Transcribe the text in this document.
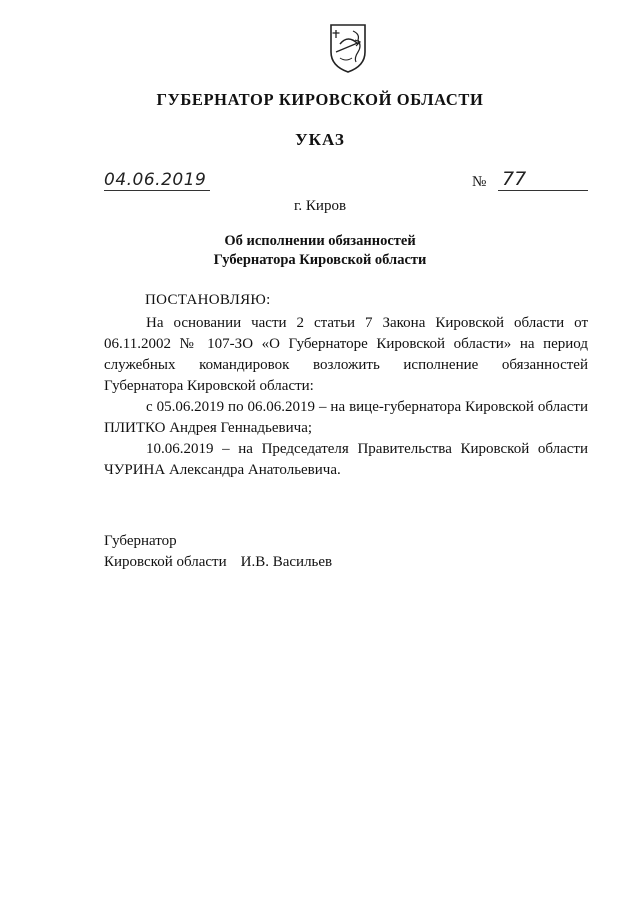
ГУБЕРНАТОР КИРОВСКОЙ ОБЛАСТИ
УКАЗ
04.06.2019	№ 77
г. Киров
Об исполнении обязанностей
Губернатора Кировской области
ПОСТАНОВЛЯЮ:

На основании части 2 статьи 7 Закона Кировской области от 06.11.2002 № 107-ЗО «О Губернаторе Кировской области» на период служебных командировок возложить исполнение обязанностей Губернатора Кировской области:

с 05.06.2019 по 06.06.2019 – на вице-губернатора Кировской области ПЛИТКО Андрея Геннадьевича;

10.06.2019 – на Председателя Правительства Кировской области ЧУРИНА Александра Анатольевича.

Губернатор
Кировской области И.В. Васильев
